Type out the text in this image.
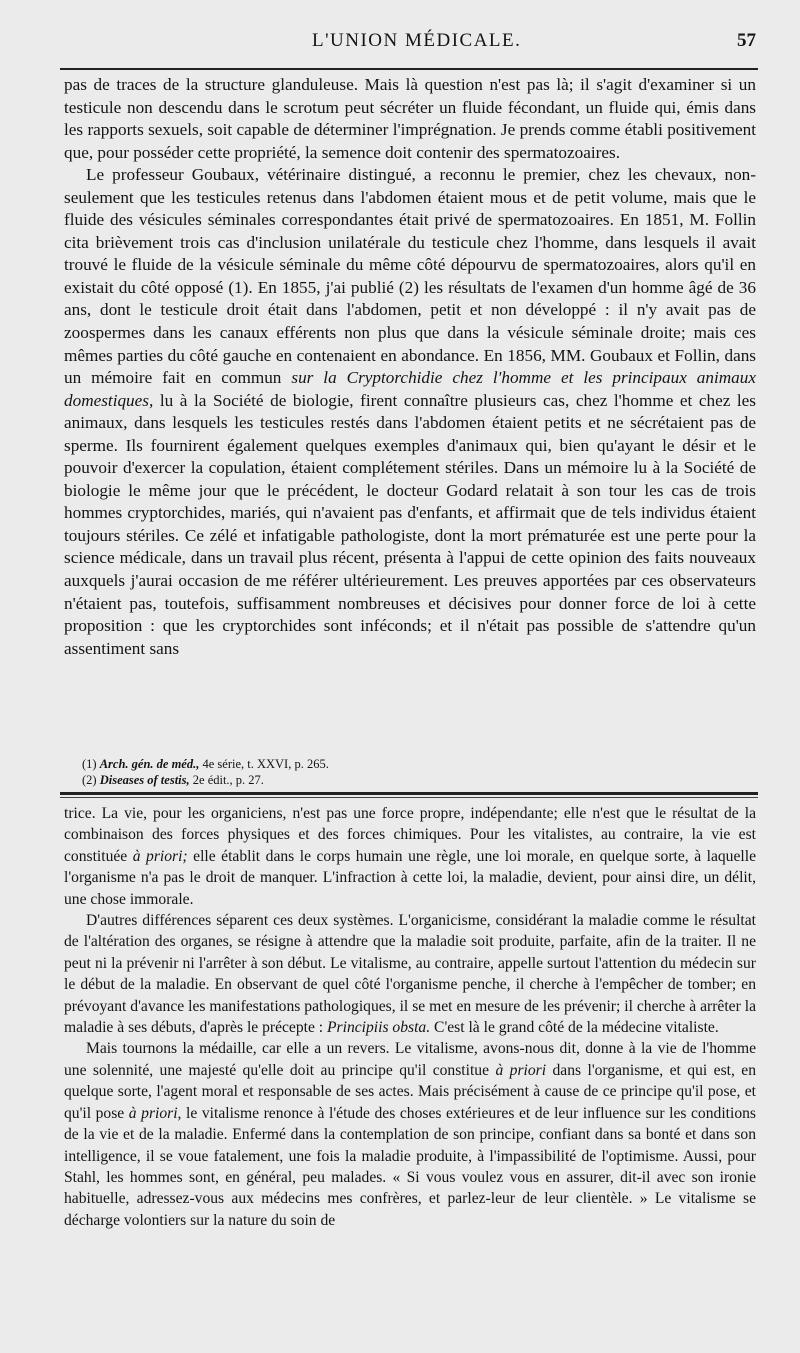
L'UNION MÉDICALE.	57

pas de traces de la structure glanduleuse. Mais là question n'est pas là; il s'agit d'examiner si un testicule non descendu dans le scrotum peut sécréter un fluide fécondant, un fluide qui, émis dans les rapports sexuels, soit capable de déterminer l'imprégnation. Je prends comme établi positivement que, pour posséder cette propriété, la semence doit contenir des spermatozoaires.

Le professeur Goubaux, vétérinaire distingué, a reconnu le premier, chez les chevaux, non-seulement que les testicules retenus dans l'abdomen étaient mous et de petit volume, mais que le fluide des vésicules séminales correspondantes était privé de spermatozoaires. En 1851, M. Follin cita brièvement trois cas d'inclusion unilatérale du testicule chez l'homme, dans lesquels il avait trouvé le fluide de la vésicule séminale du même côté dépourvu de spermatozoaires, alors qu'il en existait du côté opposé (1). En 1855, j'ai publié (2) les résultats de l'examen d'un homme âgé de 36 ans, dont le testicule droit était dans l'abdomen, petit et non développé : il n'y avait pas de zoospermes dans les canaux efférents non plus que dans la vésicule séminale droite; mais ces mêmes parties du côté gauche en contenaient en abondance. En 1856, MM. Goubaux et Follin, dans un mémoire fait en commun sur la Cryptorchidie chez l'homme et les principaux animaux domestiques, lu à la Société de biologie, firent connaître plusieurs cas, chez l'homme et chez les animaux, dans lesquels les testicules restés dans l'abdomen étaient petits et ne sécrétaient pas de sperme. Ils fournirent également quelques exemples d'animaux qui, bien qu'ayant le désir et le pouvoir d'exercer la copulation, étaient complétement stériles. Dans un mémoire lu à la Société de biologie le même jour que le précédent, le docteur Godard relatait à son tour les cas de trois hommes cryptorchides, mariés, qui n'avaient pas d'enfants, et affirmait que de tels individus étaient toujours stériles. Ce zélé et infatigable pathologiste, dont la mort prématurée est une perte pour la science médicale, dans un travail plus récent, présenta à l'appui de cette opinion des faits nouveaux auxquels j'aurai occasion de me référer ultérieurement. Les preuves apportées par ces observateurs n'étaient pas, toutefois, suffisamment nombreuses et décisives pour donner force de loi à cette proposition : que les cryptorchides sont inféconds; et il n'était pas possible de s'attendre qu'un assentiment sans

(1) Arch. gén. de méd., 4e série, t. XXVI, p. 265.
(2) Diseases of testis, 2e édit., p. 27.

trice. La vie, pour les organiciens, n'est pas une force propre, indépendante; elle n'est que le résultat de la combinaison des forces physiques et des forces chimiques. Pour les vitalistes, au contraire, la vie est constituée à priori; elle établit dans le corps humain une règle, une loi morale, en quelque sorte, à laquelle l'organisme n'a pas le droit de manquer. L'infraction à cette loi, la maladie, devient, pour ainsi dire, un délit, une chose immorale.

D'autres différences séparent ces deux systèmes. L'organicisme, considérant la maladie comme le résultat de l'altération des organes, se résigne à attendre que la maladie soit produite, parfaite, afin de la traiter. Il ne peut ni la prévenir ni l'arrêter à son début. Le vitalisme, au contraire, appelle surtout l'attention du médecin sur le début de la maladie. En observant de quel côté l'organisme penche, il cherche à l'empêcher de tomber; en prévoyant d'avance les manifestations pathologiques, il se met en mesure de les prévenir; il cherche à arrêter la maladie à ses débuts, d'après le précepte : Principiis obsta. C'est là le grand côté de la médecine vitaliste.

Mais tournons la médaille, car elle a un revers. Le vitalisme, avons-nous dit, donne à la vie de l'homme une solennité, une majesté qu'elle doit au principe qu'il constitue à priori dans l'organisme, et qui est, en quelque sorte, l'agent moral et responsable de ses actes. Mais précisément à cause de ce principe qu'il pose, et qu'il pose à priori, le vitalisme renonce à l'étude des choses extérieures et de leur influence sur les conditions de la vie et de la maladie. Enfermé dans la contemplation de son principe, confiant dans sa bonté et dans son intelligence, il se voue fatalement, une fois la maladie produite, à l'impassibilité de l'optimisme. Aussi, pour Stahl, les hommes sont, en général, peu malades. « Si vous voulez vous en assurer, dit-il avec son ironie habituelle, adressez-vous aux médecins mes confrères, et parlez-leur de leur clientèle. » Le vitalisme se décharge volontiers sur la nature du soin de
